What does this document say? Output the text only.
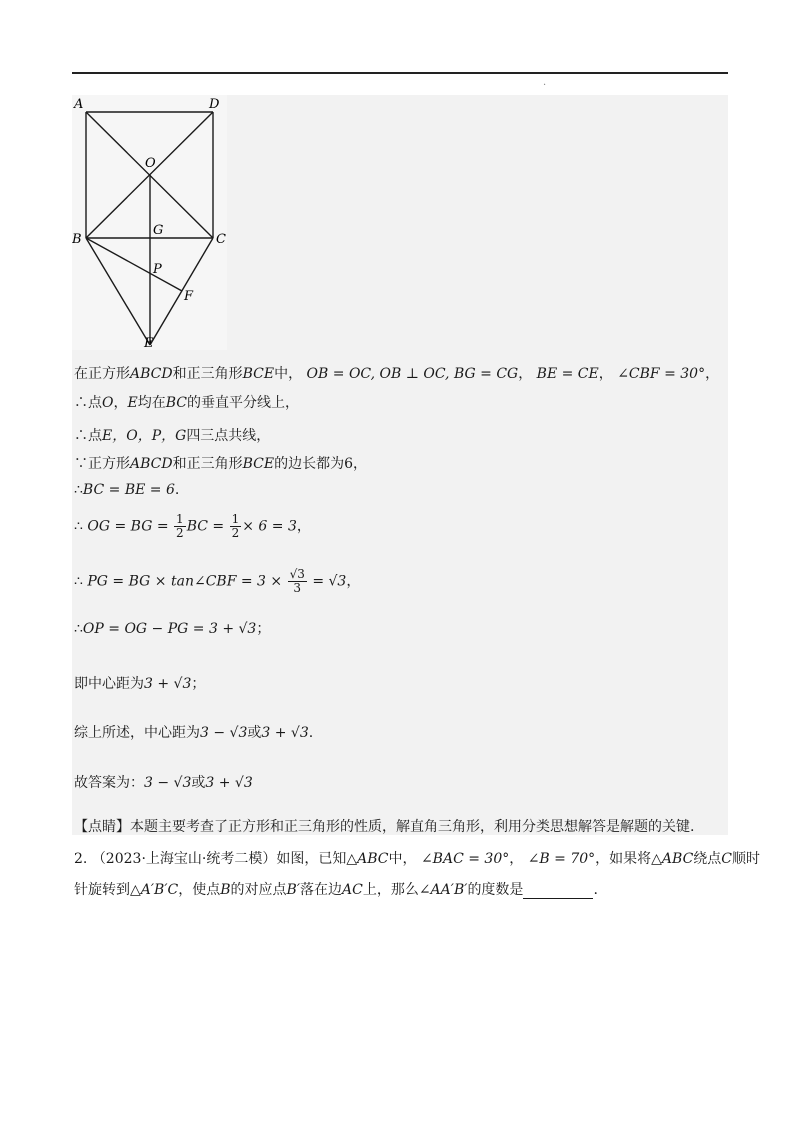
·
A	D
O
B
G
C
P
F
E
在正方形ABCD和正三角形BCE中， OB = OC, OB ⊥ OC, BG = CG， BE = CE， ∠CBF = 30°，
∴点O，E均在BC的垂直平分线上，
∴点E，O，P，G四三点共线，
∵正方形ABCD和正三角形BCE的边长都为6，
∴BC = BE = 6.
∴ OG = BG = $\frac{1}{2}$ BC = $\frac{1}{2} \times 6 = 3$，
∴ PG = BG × tan∠CBF = $3 \times \frac{√3}{3} = √3$，
∴OP = OG − PG = 3 + √3；
即中心距为3 + √3；
综上所述，中心距为3 − √3或3 + √3.
故答案为：3 − √3或3 + √3
【点睛】本题主要考查了正方形和正三角形的性质，解直角三角形，利用分类思想解答是解题的关键.
2. （2023·上海宝山·统考二模）如图，已知△ABC中， ∠BAC = 30°， ∠B = 70°，如果将△ABC绕点C顺时
针旋转到△A′B′C，使点B的对应点B′落在边AC上，那么∠AA′B′的度数是	.
